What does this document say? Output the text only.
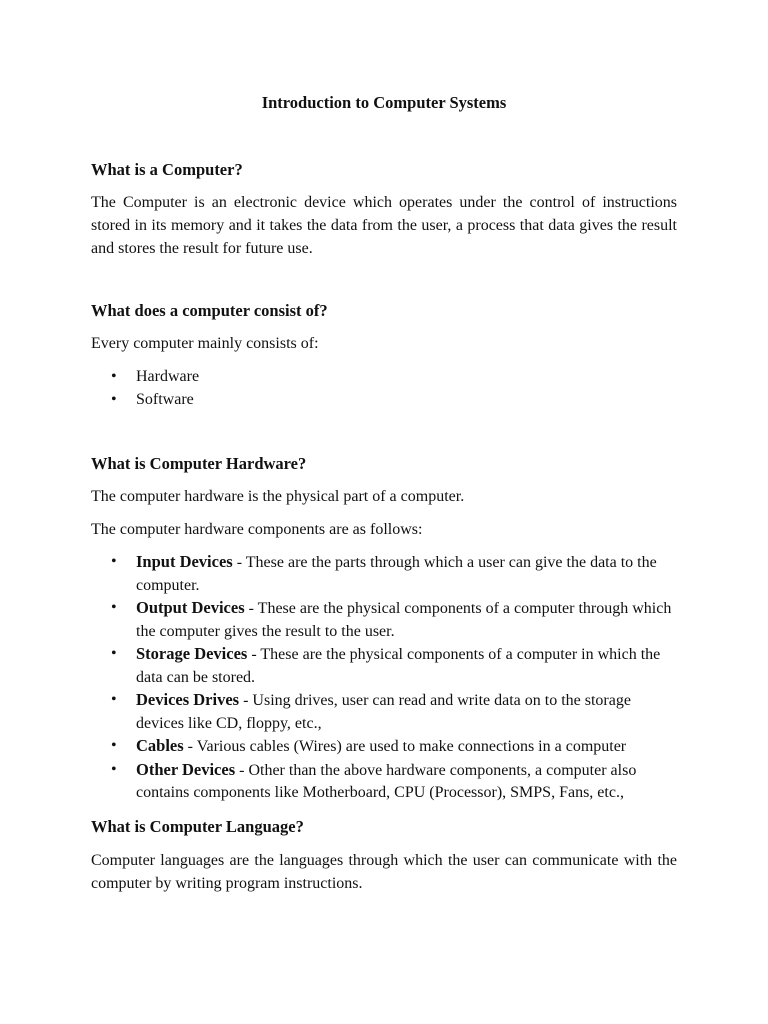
Introduction to Computer Systems
What is a Computer?

The Computer is an electronic device which operates under the control of instructions stored in its memory and it takes the data from the user, a process that data gives the result and stores the result for future use.

What does a computer consist of?

Every computer mainly consists of:

•
Hardware
•
Software
What is Computer Hardware?

The computer hardware is the physical part of a computer.

The computer hardware components are as follows:

•
Input Devices - These are the parts through which a user can give the data to the computer.
•
Output Devices - These are the physical components of a computer through which the computer gives the result to the user.
•
Storage Devices - These are the physical components of a computer in which the data can be stored.
•
Devices Drives - Using drives, user can read and write data on to the storage devices like CD, floppy, etc.,
•
Cables - Various cables (Wires) are used to make connections in a computer
•
Other Devices - Other than the above hardware components, a computer also contains components like Motherboard, CPU (Processor), SMPS, Fans, etc.,
What is Computer Language?

Computer languages are the languages through which the user can communicate with the computer by writing program instructions.
